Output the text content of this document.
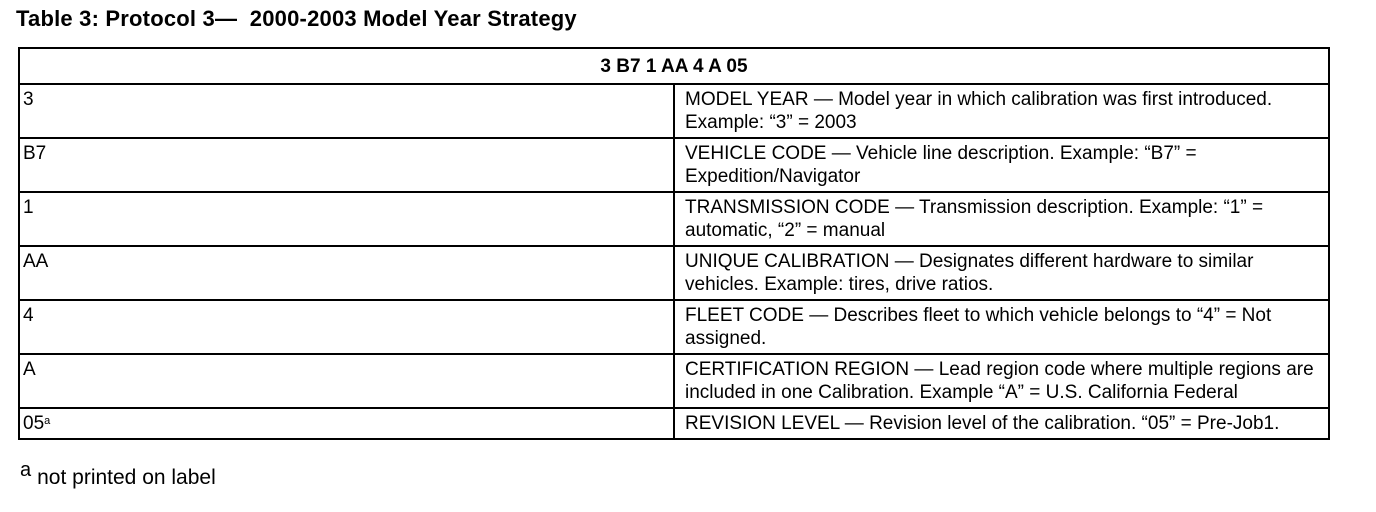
Table 3: Protocol 3—  2000-2003 Model Year Strategy
3 B7 1 AA 4 A 05	
3	MODEL YEAR — Model year in which calibration was first introduced. Example: “3” = 2003
B7	VEHICLE CODE — Vehicle line description. Example: “B7” = Expedition/Navigator
1	TRANSMISSION CODE — Transmission description. Example: “1” = automatic, “2” = manual
AA	UNIQUE CALIBRATION — Designates different hardware to similar vehicles. Example: tires, drive ratios.
4	FLEET CODE — Describes fleet to which vehicle belongs to “4” = Not assigned.
A	CERTIFICATION REGION — Lead region code where multiple regions are included in one Calibration. Example “A” = U.S. California Federal
05$^a$	REVISION LEVEL — Revision level of the calibration. “05” = Pre-Job1.
a not printed on label
